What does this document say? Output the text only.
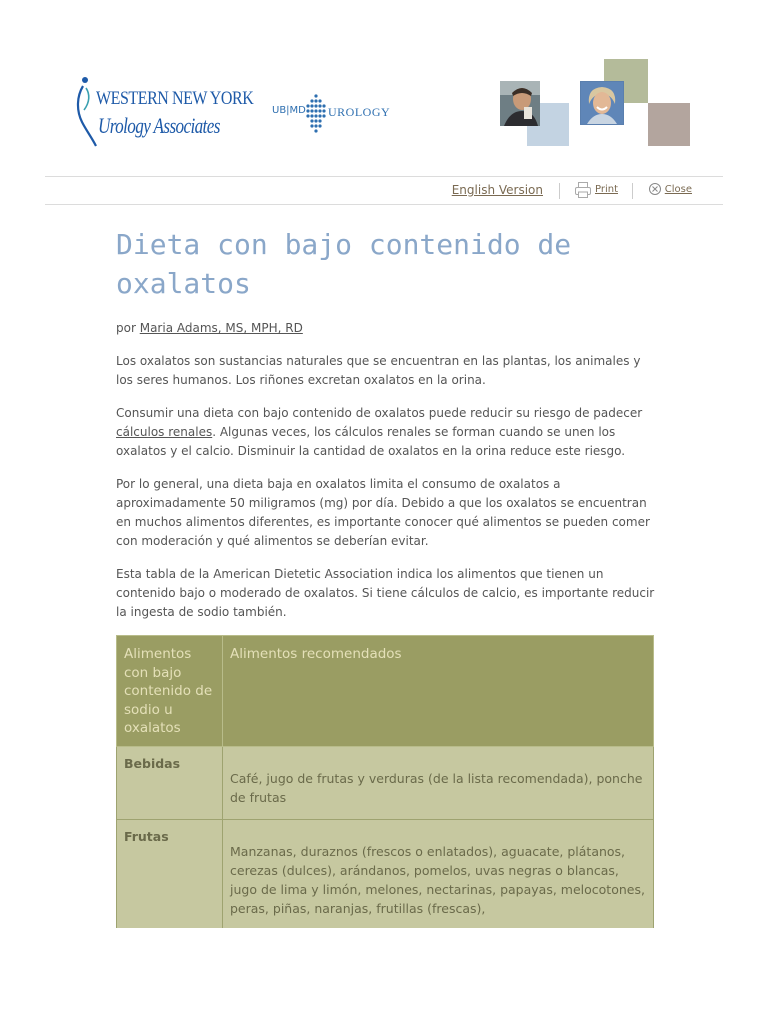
WESTERN NEW YORK
Urology Associates
UB|MD UROLOGY
English Version	Print	Close
Dieta con bajo contenido de oxalatos

por Maria Adams, MS, MPH, RD

Los oxalatos son sustancias naturales que se encuentran en las plantas, los animales y los seres humanos. Los riñones excretan oxalatos en la orina.

Consumir una dieta con bajo contenido de oxalatos puede reducir su riesgo de padecer cálculos renales. Algunas veces, los cálculos renales se forman cuando se unen los oxalatos y el calcio. Disminuir la cantidad de oxalatos en la orina reduce este riesgo.

Por lo general, una dieta baja en oxalatos limita el consumo de oxalatos a aproximadamente 50 miligramos (mg) por día. Debido a que los oxalatos se encuentran en muchos alimentos diferentes, es importante conocer qué alimentos se pueden comer con moderación y qué alimentos se deberían evitar.

Esta tabla de la American Dietetic Association indica los alimentos que tienen un contenido bajo o moderado de oxalatos. Si tiene cálculos de calcio, es importante reducir la ingesta de sodio también.

Alimentos con bajo contenido de sodio u oxalatos	Alimentos recomendados
Bebidas	Café, jugo de frutas y verduras (de la lista recomendada), ponche de frutas
Frutas	Manzanas, duraznos (frescos o enlatados), aguacate, plátanos, cerezas (dulces), arándanos, pomelos, uvas negras o blancas, jugo de lima y limón, melones, nectarinas, papayas, melocotones, peras, piñas, naranjas, frutillas (frescas),
